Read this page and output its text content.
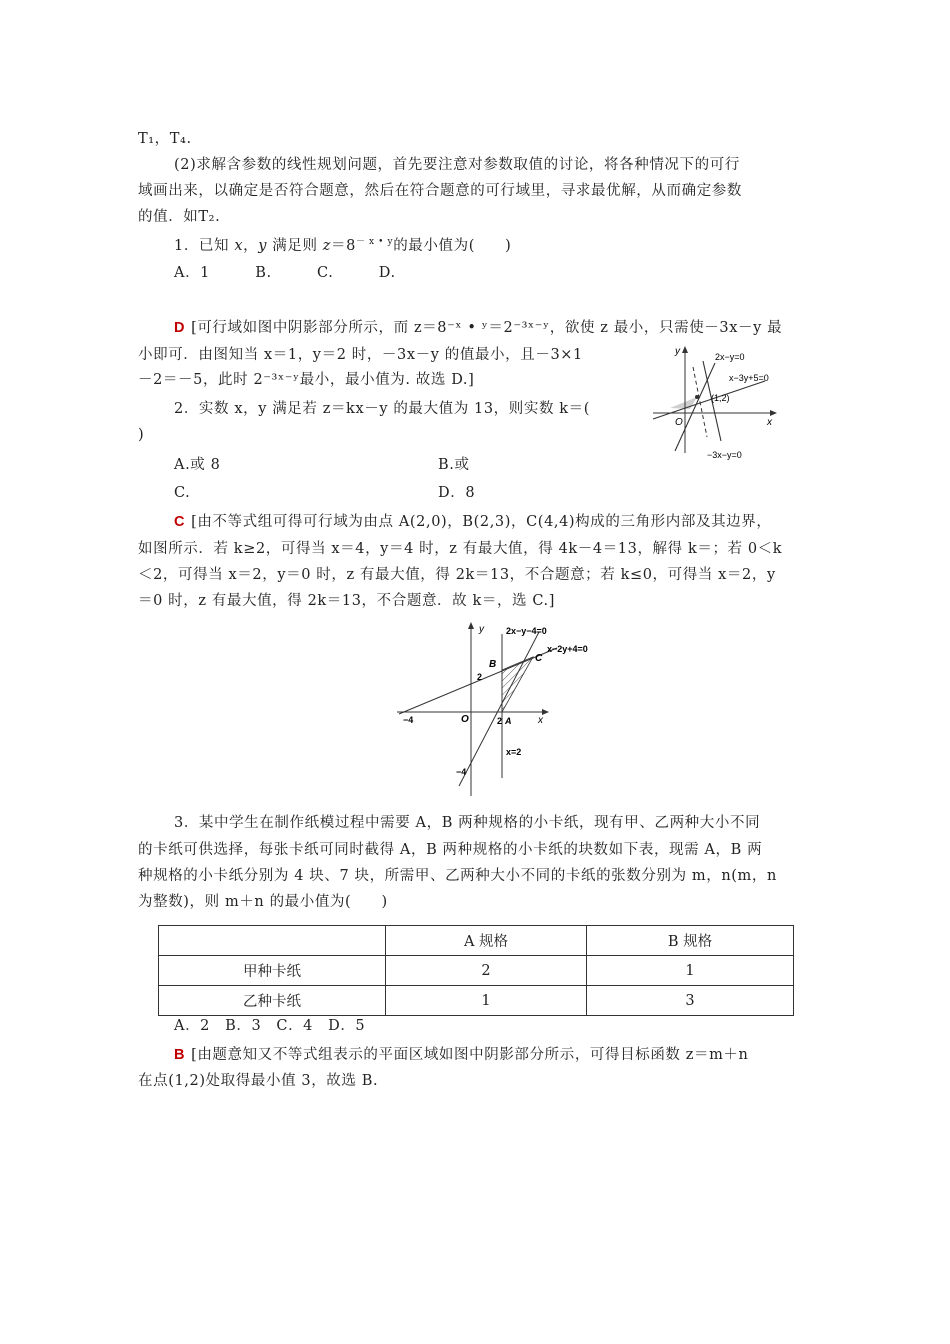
T₁，T₄.
(2)求解含参数的线性规划问题，首先要注意对参数取值的讨论，将各种情况下的可行
域画出来，以确定是否符合题意，然后在符合题意的可行域里，寻求最优解，从而确定参数
的值．如T₂.
1．已知 x，y 满足则 $z=8^{- x • y}$的最小值为(　　)
A．1　　　B.　　　C.　　　D.
D [可行域如图中阴影部分所示，而 z＝8⁻ˣ • ʸ＝2⁻³ˣ⁻ʸ，欲使 z 最小，只需使－3x－y 最
小即可．由图知当 x＝1，y＝2 时，－3x－y 的值最小，且－3×1
－2＝－5，此时 2⁻³ˣ⁻ʸ最小，最小值为. 故选 D.]
y
x
O
2x−y=0
x−3y+5=0
−3x−y=0
(1,2)
2．实数 x，y 满足若 z＝kx－y 的最大值为 13，则实数 k＝(
)
A.或 8	B.或
C.	D．8
C [由不等式组可得可行域为由点 A(2,0)，B(2,3)，C(4,4)构成的三角形内部及其边界，
如图所示．若 k≥2，可得当 x＝4，y＝4 时，z 有最大值，得 4k－4＝13，解得 k＝；若 0＜k
＜2，可得当 x＝2，y＝0 时，z 有最大值，得 2k＝13，不合题意；若 k≤0，可得当 x＝2，y
＝0 时，z 有最大值，得 2k＝13，不合题意．故 k＝，选 C.]
y
x
O
2x−y−4=0
x−2y+4=0
x=2
A
B
C
2
2
−4
−4
3．某中学生在制作纸模过程中需要 A，B 两种规格的小卡纸，现有甲、乙两种大小不同
的卡纸可供选择，每张卡纸可同时截得 A，B 两种规格的小卡纸的块数如下表，现需 A，B 两
种规格的小卡纸分别为 4 块、7 块，所需甲、乙两种大小不同的卡纸的张数分别为 m，n(m，n
为整数)，则 m＋n 的最小值为(　　)
	A 规格	B 规格
甲种卡纸	2	1
乙种卡纸	1	3
A．2　B．3　C．4　D．5
B [由题意知又不等式组表示的平面区域如图中阴影部分所示，可得目标函数 z＝m＋n
在点(1,2)处取得最小值 3，故选 B.
